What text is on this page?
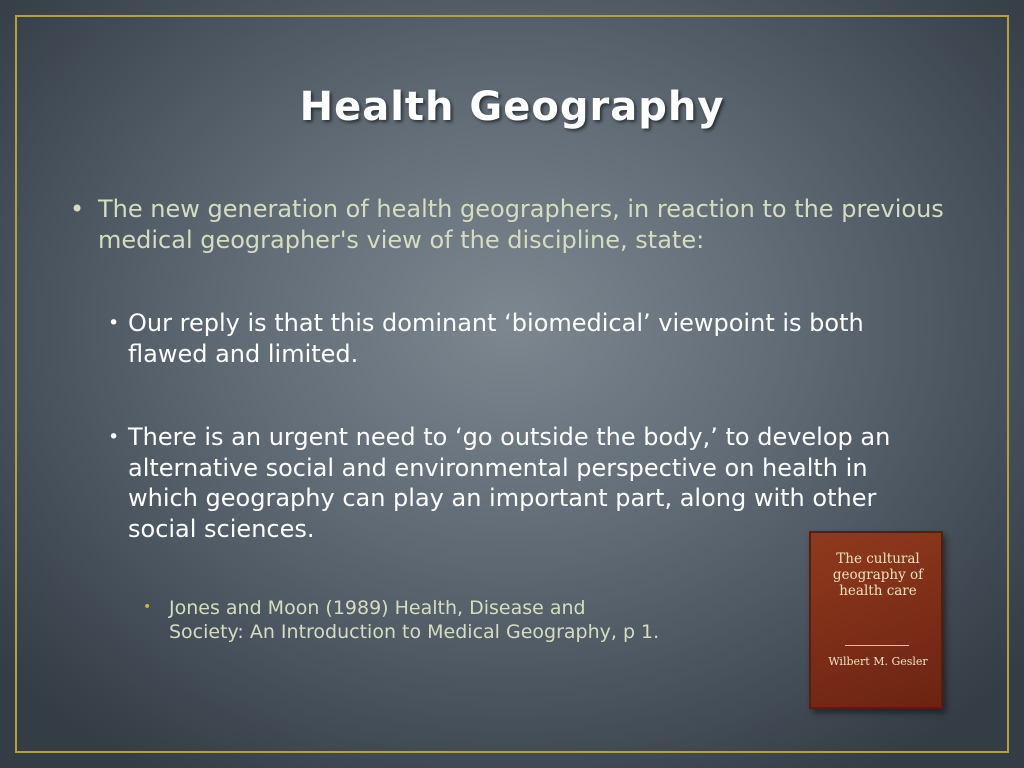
Health Geography
• The new generation of health geographers, in reaction to the previous medical geographer's view of the discipline, state:
• Our reply is that this dominant ‘biomedical’ viewpoint is both flawed and limited.
• There is an urgent need to ‘go outside the body,’ to develop an alternative social and environmental perspective on health in which geography can play an important part, along with other social sciences.
• Jones and Moon (1989) Health, Disease and Society: An Introduction to Medical Geography, p 1.
The cultural geography of health care
Wilbert M. Gesler
